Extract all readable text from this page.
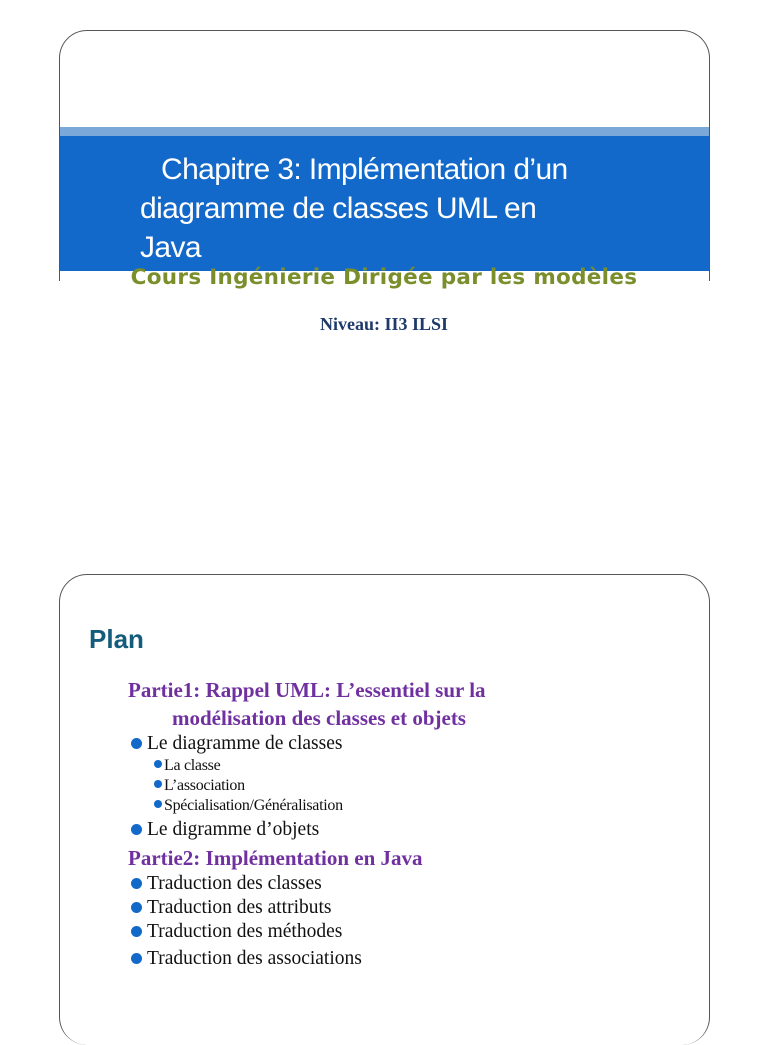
Chapitre 3: Implémentation d’un
diagramme de classes UML en
Java

Cours Ingénierie Dirigée par les modèles

Niveau: II3 ILSI

Plan

Partie1: Rappel UML: L’essentiel sur la
modélisation des classes et objets

Le diagramme de classes
La classe
L’association
Spécialisation/Généralisation
Le digramme d’objets

Partie2: Implémentation en Java

Traduction des classes
Traduction des attributs
Traduction des méthodes
Traduction des associations
